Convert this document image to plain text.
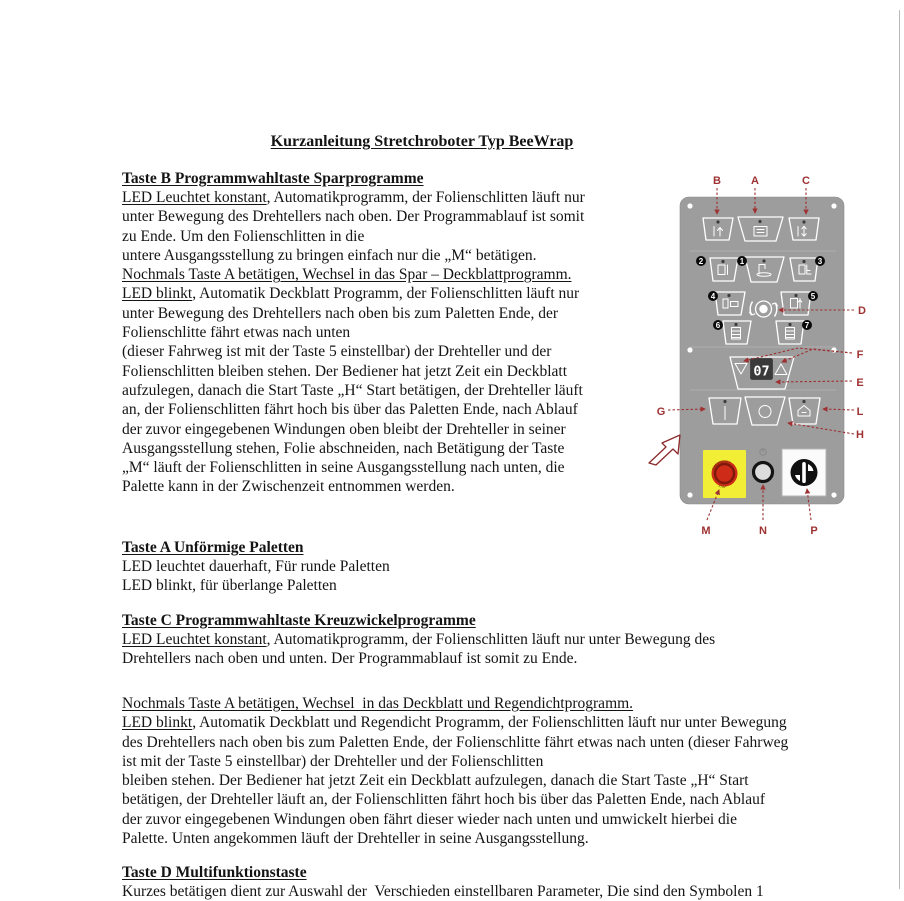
Kurzanleitung Stretchroboter Typ BeeWrap
Taste B Programmwahltaste Sparprogramme
LED Leuchtet konstant, Automatikprogramm, der Folienschlitten läuft nur
unter Bewegung des Drehtellers nach oben. Der Programmablauf ist somit
zu Ende. Um den Folienschlitten in die
untere Ausgangsstellung zu bringen einfach nur die „M“ betätigen.
Nochmals Taste A betätigen, Wechsel in das Spar – Deckblattprogramm.
LED blinkt, Automatik Deckblatt Programm, der Folienschlitten läuft nur
unter Bewegung des Drehtellers nach oben bis zum Paletten Ende, der
Folienschlitte fährt etwas nach unten
(dieser Fahrweg ist mit der Taste 5 einstellbar) der Drehteller und der
Folienschlitten bleiben stehen. Der Bediener hat jetzt Zeit ein Deckblatt
aufzulegen, danach die Start Taste „H“ Start betätigen, der Drehteller läuft
an, der Folienschlitten fährt hoch bis über das Paletten Ende, nach Ablauf
der zuvor eingegebenen Windungen oben bleibt der Drehteller in seiner
Ausgangsstellung stehen, Folie abschneiden, nach Betätigung der Taste
„M“ läuft der Folienschlitten in seine Ausgangsstellung nach unten, die
Palette kann in der Zwischenzeit entnommen werden.
Taste A Unförmige Paletten
LED leuchtet dauerhaft, Für runde Paletten
LED blinkt, für überlange Paletten
Taste C Programmwahltaste Kreuzwickelprogramme
LED Leuchtet konstant, Automatikprogramm, der Folienschlitten läuft nur unter Bewegung des
Drehtellers nach oben und unten. Der Programmablauf ist somit zu Ende.
Nochmals Taste A betätigen, Wechsel  in das Deckblatt und Regendichtprogramm.
LED blinkt, Automatik Deckblatt und Regendicht Programm, der Folienschlitten läuft nur unter Bewegung
des Drehtellers nach oben bis zum Paletten Ende, der Folienschlitte fährt etwas nach unten (dieser Fahrweg
ist mit der Taste 5 einstellbar) der Drehteller und der Folienschlitten
bleiben stehen. Der Bediener hat jetzt Zeit ein Deckblatt aufzulegen, danach die Start Taste „H“ Start
betätigen, der Drehteller läuft an, der Folienschlitten fährt hoch bis über das Paletten Ende, nach Ablauf
der zuvor eingegebenen Windungen oben fährt dieser wieder nach unten und umwickelt hierbei die
Palette. Unten angekommen läuft der Drehteller in seine Ausgangsstellung.
Taste D Multifunktionstaste
Kurzes betätigen dient zur Auswahl der  Verschieden einstellbaren Parameter, Die sind den Symbolen 1
2	1	3
4	5
6	7
07
EMERGENCY
STOP
B	A	C
D
F
E
G	L
H
M	N	P
